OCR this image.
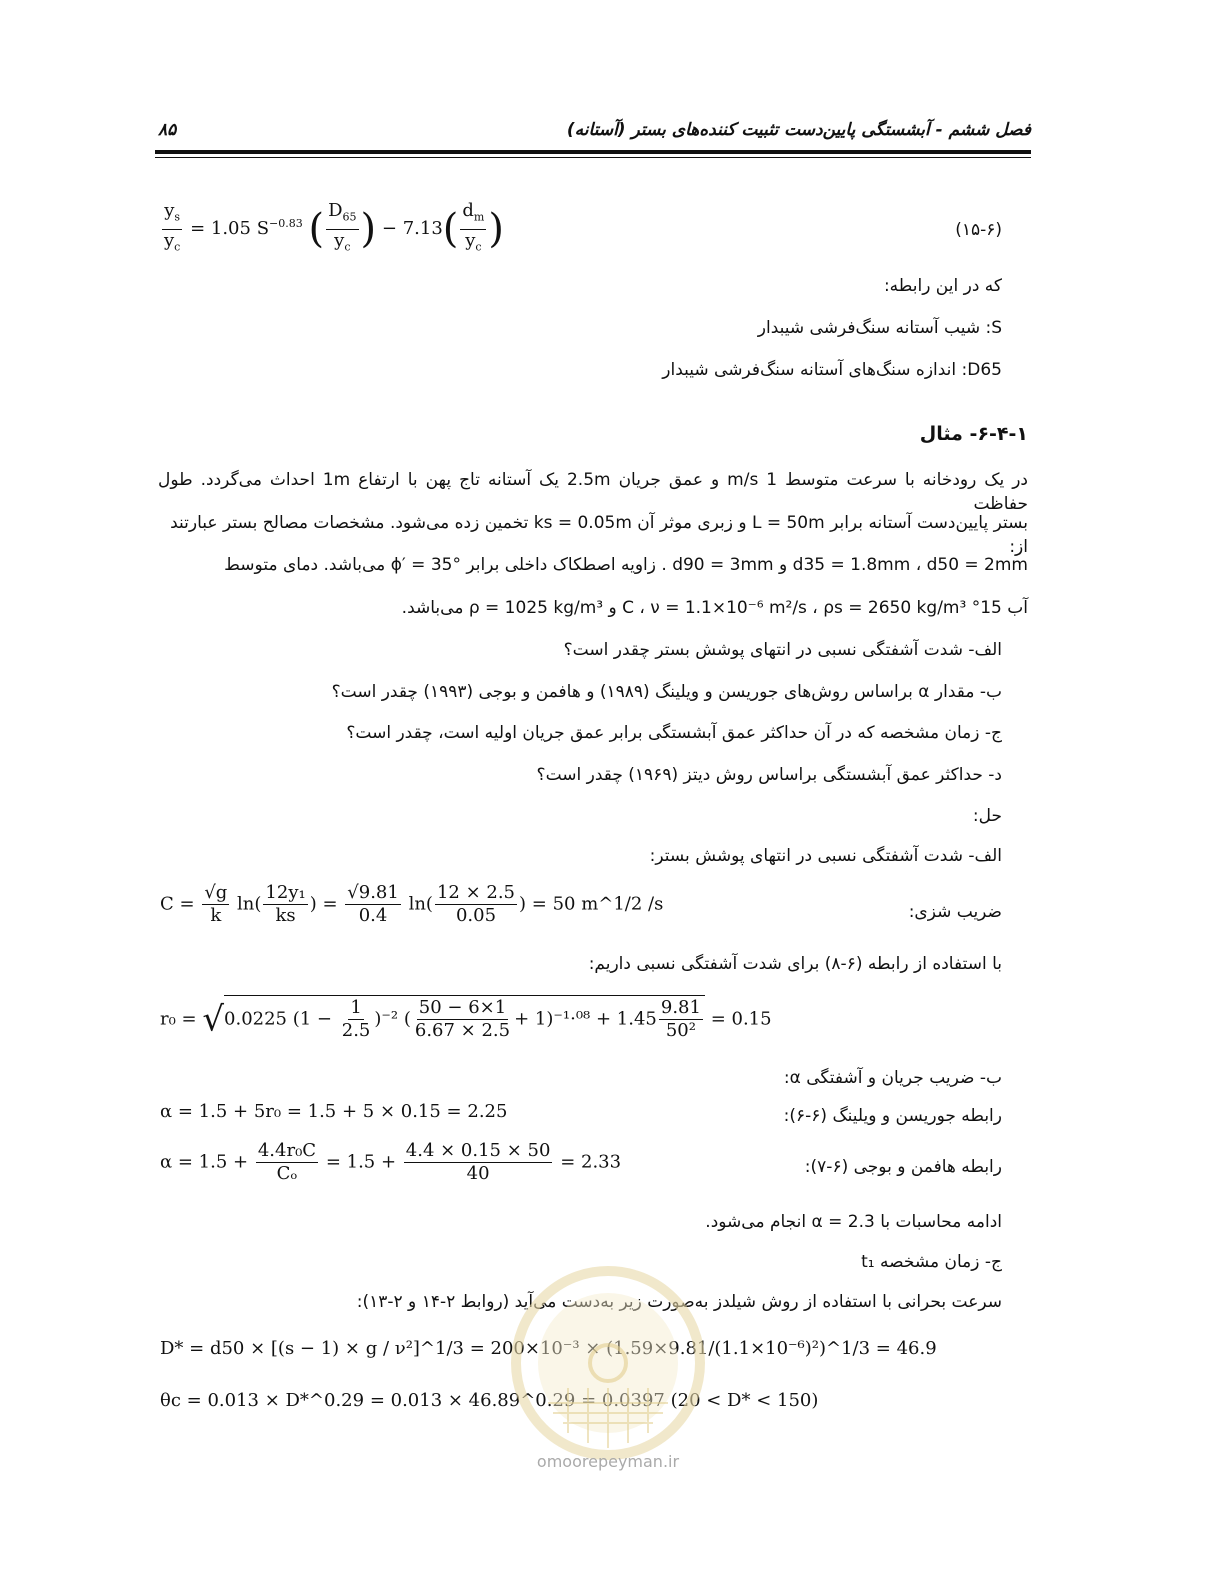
فصل ششم - آبشستگی پایین‌دست تثبیت کننده‌های بستر (آستانه)
۸۵
$\frac{y_s}{y_c} = 1.05$ $S^{-0.83}$ ( $\frac{D_{65}}{y_c}$ ) − $7.13( \frac{d_m}{y_c}$ )	(۱۵-۶)
که در این رابطه:
S: شیب آستانه سنگ‌فرشی شیبدار
D65: اندازه سنگ‌های آستانه سنگ‌فرشی شیبدار
۶-۴-۱- مثال
در یک رودخانه با سرعت متوسط 1 m/s و عمق جریان 2.5m یک آستانه تاج پهن با ارتفاع 1m احداث می‌گردد. طول حفاظت
بستر پایین‌دست آستانه برابر L = 50m و زبری موثر آن ks = 0.05m تخمین زده می‌شود. مشخصات مصالح بستر عبارتند از:
d35 = 1.8mm ، d50 = 2mm و d90 = 3mm . زاویه اصطکاک داخلی برابر ϕ′ = 35° می‌باشد. دمای متوسط
آب 15° C ، ν = 1.1×10⁻⁶ m²/s ، ρs = 2650 kg/m³ و ρ = 1025 kg/m³ می‌باشد.
الف- شدت آشفتگی نسبی در انتهای پوشش بستر چقدر است؟
ب- مقدار α براساس روش‌های جوریسن و ویلینگ (۱۹۸۹) و هافمن و بوجی (۱۹۹۳) چقدر است؟
ج- زمان مشخصه که در آن حداکثر عمق آبشستگی برابر عمق جریان اولیه است، چقدر است؟
د- حداکثر عمق آبشستگی براساس روش دیتز (۱۹۶۹) چقدر است؟
حل:
الف- شدت آشفتگی نسبی در انتهای پوشش بستر:
$C = \frac{√g}{k} \ln( \frac{\text{12y₁}}{ks}$ ) = $\frac{√9.81}{0.4} \ln( \frac{12 \times 2.5}{0.05}$ ) = 50 m^1/2 /s	ضریب شزی:
با استفاده از رابطه (۶-۸) برای شدت آشفتگی نسبی داریم:
r₀ = √0.0225 $(1 - \frac{1}{2.5} )^{-2}$ ( $\frac{50 - 6\times 1}{6.67 \times 2.5} + 1)^{-1}\cdot^{08} + 1.45 \frac{9.81}{\text{50²}} = 0.15$
ب- ضریب جریان و آشفتگی α:
رابطه جوریسن و ویلینگ (۶-۶):
α = 1.5 + 5r₀ = 1.5 + 5 × 0.15 = 2.25
$\alpha = 1.5 + \frac{\text{4.4r₀C}}{\text{Cₒ}} = 1.5 + \frac{4.4 \times 0.15 \times 50}{40} = 2.33$	رابطه هافمن و بوجی (۶-۷):
ادامه محاسبات با α = 2.3 انجام می‌شود.
ج- زمان مشخصه t₁
سرعت بحرانی با استفاده از روش شیلدز به‌صورت زیر به‌دست می‌آید (روابط ۲-۱۴ و ۲-۱۳):
D* = d50 × [(s − 1) × g / ν²]^1/3 = 200×10⁻³ × (1.59×9.81/(1.1×10⁻⁶)²)^1/3 = 46.9
θc = 0.013 × D*^0.29 = 0.013 × 46.89^0.29 = 0.0397 (20 < D* < 150)
omoorepeyman.ir
